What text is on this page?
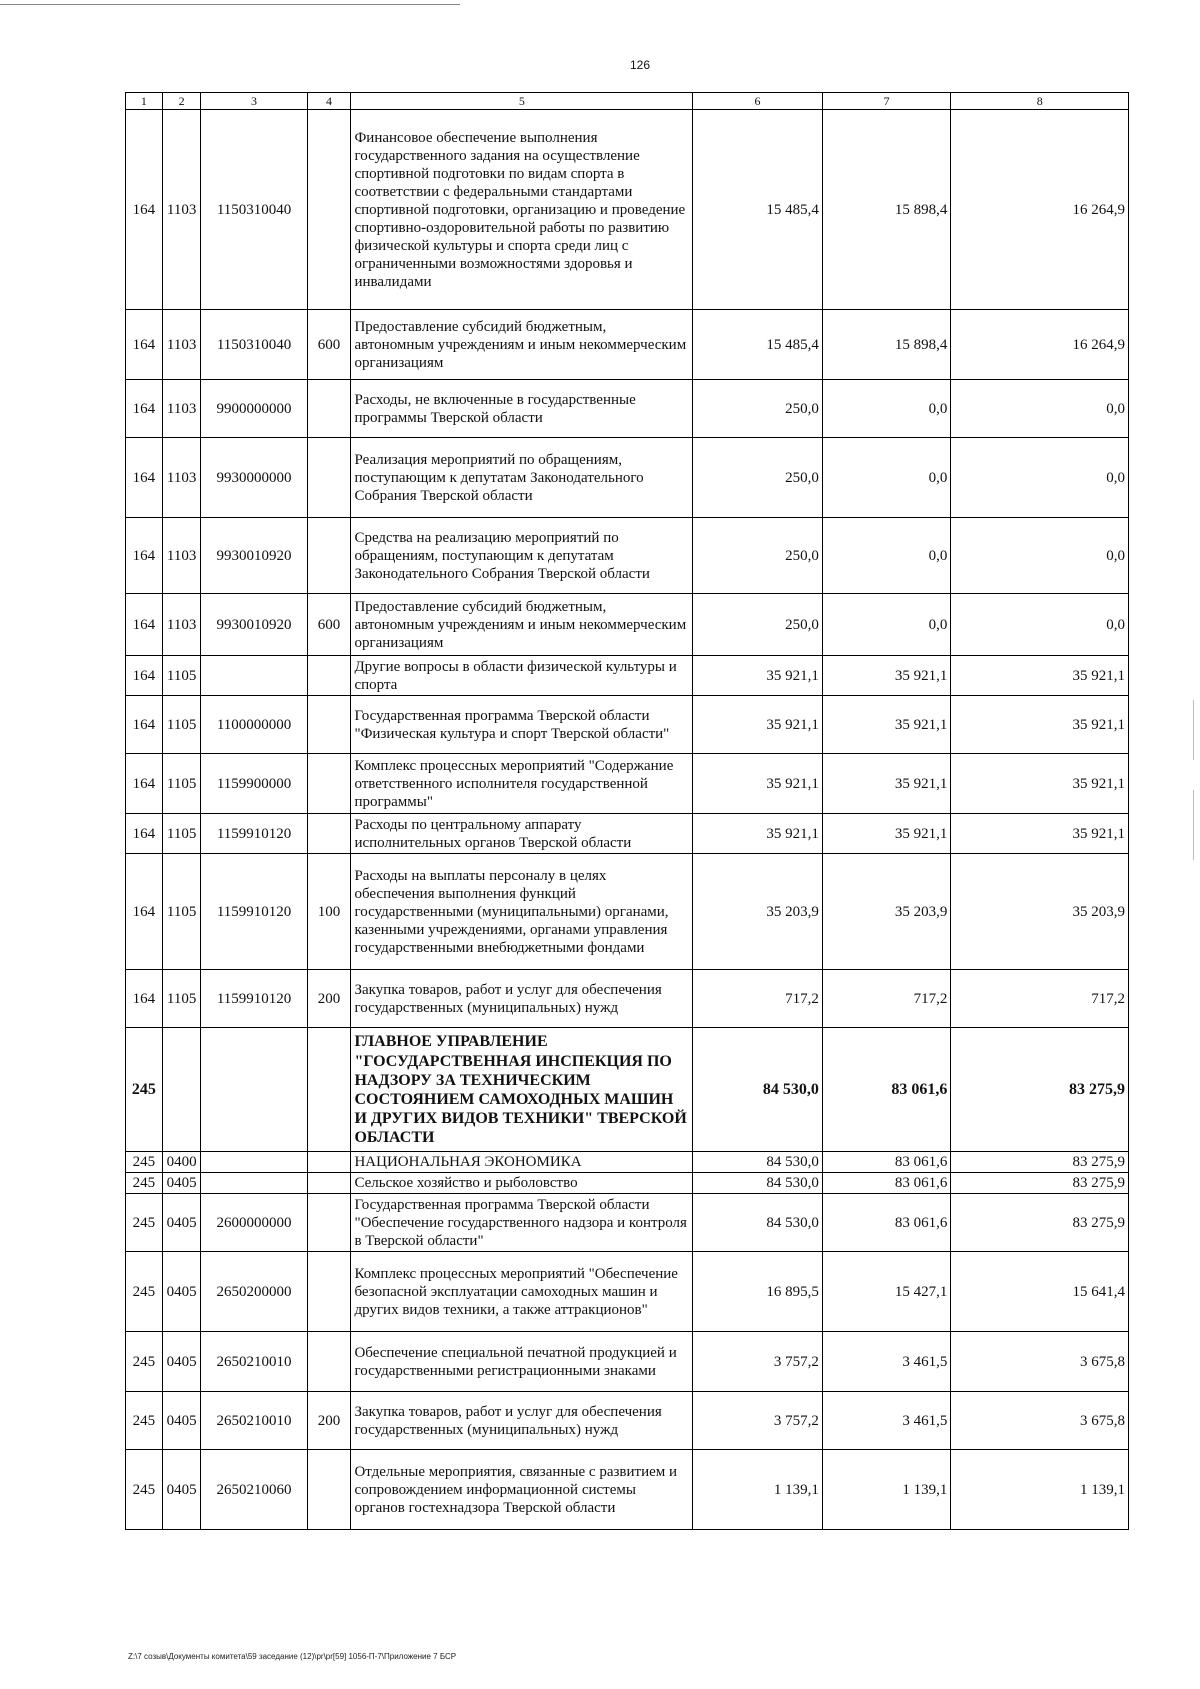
126
1	2	3	4	5	6	7	8
164	1103	1150310040		Финансовое обеспечение выполнения государственного задания на осуществление спортивной подготовки по видам спорта в соответствии с федеральными стандартами спортивной подготовки, организацию и проведение спортивно-оздоровительной работы по развитию физической культуры и спорта среди лиц с ограниченными возможностями здоровья и инвалидами	15 485,4	15 898,4	16 264,9
164	1103	1150310040	600	Предоставление субсидий бюджетным, автономным учреждениям и иным некоммерческим организациям	15 485,4	15 898,4	16 264,9
164	1103	9900000000		Расходы, не включенные в государственные программы Тверской области	250,0	0,0	0,0
164	1103	9930000000		Реализация мероприятий по обращениям, поступающим к депутатам Законодательного Собрания Тверской области	250,0	0,0	0,0
164	1103	9930010920		Средства на реализацию мероприятий по обращениям, поступающим к депутатам Законодательного Собрания Тверской области	250,0	0,0	0,0
164	1103	9930010920	600	Предоставление субсидий бюджетным, автономным учреждениям и иным некоммерческим организациям	250,0	0,0	0,0
164	1105			Другие вопросы в области физической культуры и спорта	35 921,1	35 921,1	35 921,1
164	1105	1100000000		Государственная программа Тверской области "Физическая культура и спорт Тверской области"	35 921,1	35 921,1	35 921,1
164	1105	1159900000		Комплекс процессных мероприятий "Содержание ответственного исполнителя государственной программы"	35 921,1	35 921,1	35 921,1
164	1105	1159910120		Расходы по центральному аппарату исполнительных органов Тверской области	35 921,1	35 921,1	35 921,1
164	1105	1159910120	100	Расходы на выплаты персоналу в целях обеспечения выполнения функций государственными (муниципальными) органами, казенными учреждениями, органами управления государственными внебюджетными фондами	35 203,9	35 203,9	35 203,9
164	1105	1159910120	200	Закупка товаров, работ и услуг для обеспечения государственных (муниципальных) нужд	717,2	717,2	717,2
245				ГЛАВНОЕ УПРАВЛЕНИЕ "ГОСУДАРСТВЕННАЯ ИНСПЕКЦИЯ ПО НАДЗОРУ ЗА ТЕХНИЧЕСКИМ СОСТОЯНИЕМ САМОХОДНЫХ МАШИН И ДРУГИХ ВИДОВ ТЕХНИКИ" ТВЕРСКОЙ ОБЛАСТИ	84 530,0	83 061,6	83 275,9
245	0400			НАЦИОНАЛЬНАЯ ЭКОНОМИКА	84 530,0	83 061,6	83 275,9
245	0405			Сельское хозяйство и рыболовство	84 530,0	83 061,6	83 275,9
245	0405	2600000000		Государственная программа Тверской области "Обеспечение государственного надзора и контроля в Тверской области"	84 530,0	83 061,6	83 275,9
245	0405	2650200000		Комплекс процессных мероприятий "Обеспечение безопасной эксплуатации самоходных машин и других видов техники, а также аттракционов"	16 895,5	15 427,1	15 641,4
245	0405	2650210010		Обеспечение специальной печатной продукцией и государственными регистрационными знаками	3 757,2	3 461,5	3 675,8
245	0405	2650210010	200	Закупка товаров, работ и услуг для обеспечения государственных (муниципальных) нужд	3 757,2	3 461,5	3 675,8
245	0405	2650210060		Отдельные мероприятия, связанные с развитием и сопровождением информационной системы органов гостехнадзора Тверской области	1 139,1	1 139,1	1 139,1
Z:\7 созыв\Документы комитета\59 заседание (12)\pr\pr[59] 1056-П-7\Приложение 7 БСР
